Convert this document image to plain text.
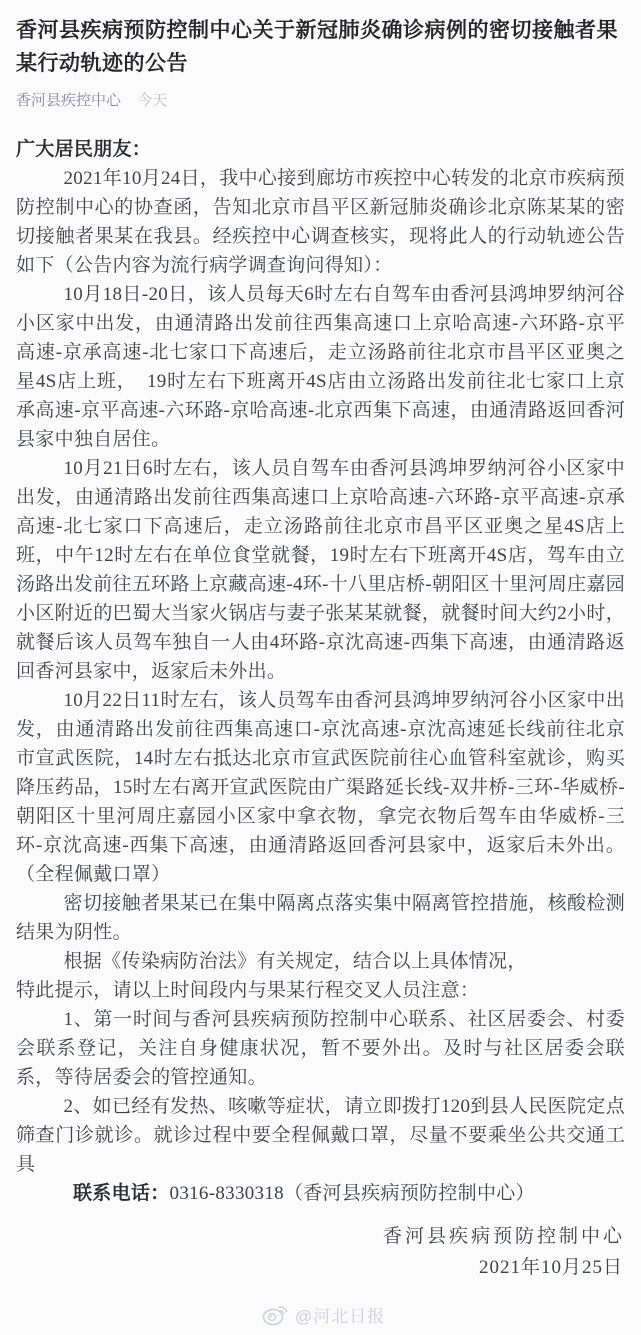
香河县疾病预防控制中心关于新冠肺炎确诊病例的密切接触者果某行动轨迹的公告
香河县疾控中心 今天

广大居民朋友：

2021年10月24日，我中心接到廊坊市疾控中心转发的北京市疾病预防控制中心的协查函，告知北京市昌平区新冠肺炎确诊北京陈某某的密切接触者果某在我县。经疾控中心调查核实，现将此人的行动轨迹公告如下（公告内容为流行病学调查询问得知）：

10月18日-20日，该人员每天6时左右自驾车由香河县鸿坤罗纳河谷小区家中出发，由通清路出发前往西集高速口上京哈高速-六环路-京平高速-京承高速-北七家口下高速后，走立汤路前往北京市昌平区亚奥之星4S店上班，　19时左右下班离开4S店由立汤路出发前往北七家口上京承高速-京平高速-六环路-京哈高速-北京西集下高速，由通清路返回香河县家中独自居住。

10月21日6时左右，该人员自驾车由香河县鸿坤罗纳河谷小区家中出发，由通清路出发前往西集高速口上京哈高速-六环路-京平高速-京承高速-北七家口下高速后，走立汤路前往北京市昌平区亚奥之星4S店上班，中午12时左右在单位食堂就餐，19时左右下班离开4S店，驾车由立汤路出发前往五环路上京藏高速-4环-十八里店桥-朝阳区十里河周庄嘉园小区附近的巴蜀大当家火锅店与妻子张某某就餐，就餐时间大约2小时，就餐后该人员驾车独自一人由4环路-京沈高速-西集下高速，由通清路返回香河县家中，返家后未外出。

10月22日11时左右，该人员驾车由香河县鸿坤罗纳河谷小区家中出发，由通清路出发前往西集高速口-京沈高速-京沈高速延长线前往北京市宣武医院，14时左右抵达北京市宣武医院前往心血管科室就诊，购买降压药品，15时左右离开宣武医院由广渠路延长线-双井桥-三环-华威桥-朝阳区十里河周庄嘉园小区家中拿衣物，拿完衣物后驾车由华威桥-三环-京沈高速-西集下高速，由通清路返回香河县家中，返家后未外出。（全程佩戴口罩）

密切接触者果某已在集中隔离点落实集中隔离管控措施，核酸检测结果为阴性。

根据《传染病防治法》有关规定，结合以上具体情况，

特此提示，请以上时间段内与果某行程交叉人员注意：

1、第一时间与香河县疾病预防控制中心联系、社区居委会、村委会联系登记，关注自身健康状况，暂不要外出。及时与社区居委会联系，等待居委会的管控通知。

2、如已经有发热、咳嗽等症状，请立即拨打120到县人民医院定点筛查门诊就诊。就诊过程中要全程佩戴口罩，尽量不要乘坐公共交通工具

联系电话：0316-8330318（香河县疾病预防控制中心）

香河县疾病预防控制中心

2021年10月25日

@河北日报
